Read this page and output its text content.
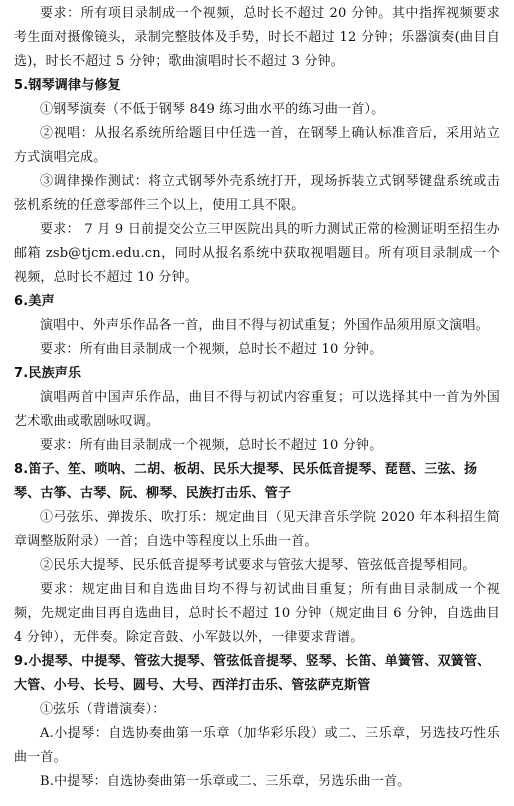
要求：所有项目录制成一个视频，总时长不超过 20 分钟。其中指挥视频要求考生面对摄像镜头，录制完整肢体及手势，时长不超过 12 分钟；乐器演奏(曲目自选)，时长不超过 5 分钟；歌曲演唱时长不超过 3 分钟。

5.钢琴调律与修复

①钢琴演奏（不低于钢琴 849 练习曲水平的练习曲一首）。

②视唱：从报名系统所给题目中任选一首，在钢琴上确认标准音后，采用站立方式演唱完成。

③调律操作测试：将立式钢琴外壳系统打开，现场拆装立式钢琴键盘系统或击弦机系统的任意零部件三个以上，使用工具不限。

要求： 7 月 9 日前提交公立三甲医院出具的听力测试正常的检测证明至招生办邮箱 zsb@tjcm.edu.cn，同时从报名系统中获取视唱题目。所有项目录制成一个视频，总时长不超过 10 分钟。

6.美声

演唱中、外声乐作品各一首，曲目不得与初试重复；外国作品须用原文演唱。

要求：所有曲目录制成一个视频，总时长不超过 10 分钟。

7.民族声乐

演唱两首中国声乐作品，曲目不得与初试内容重复；可以选择其中一首为外国艺术歌曲或歌剧咏叹调。

要求：所有曲目录制成一个视频，总时长不超过 10 分钟。

8.笛子、笙、唢呐、二胡、板胡、民乐大提琴、民乐低音提琴、琵琶、三弦、扬琴、古筝、古琴、阮、柳琴、民族打击乐、管子

①弓弦乐、弹拨乐、吹打乐：规定曲目（见天津音乐学院 2020 年本科招生简章调整版附录）一首；自选中等程度以上乐曲一首。

②民乐大提琴、民乐低音提琴考试要求与管弦大提琴、管弦低音提琴相同。

要求：规定曲目和自选曲目均不得与初试曲目重复；所有曲目录制成一个视频，先规定曲目再自选曲目，总时长不超过 10 分钟（规定曲目 6 分钟，自选曲目 4 分钟），无伴奏。除定音鼓、小军鼓以外，一律要求背谱。

9.小提琴、中提琴、管弦大提琴、管弦低音提琴、竖琴、长笛、单簧管、双簧管、大管、小号、长号、圆号、大号、西洋打击乐、管弦萨克斯管

①弦乐（背谱演奏）：

A.小提琴：自选协奏曲第一乐章（加华彩乐段）或二、三乐章，另选技巧性乐曲一首。

B.中提琴：自选协奏曲第一乐章或二、三乐章，另选乐曲一首。
